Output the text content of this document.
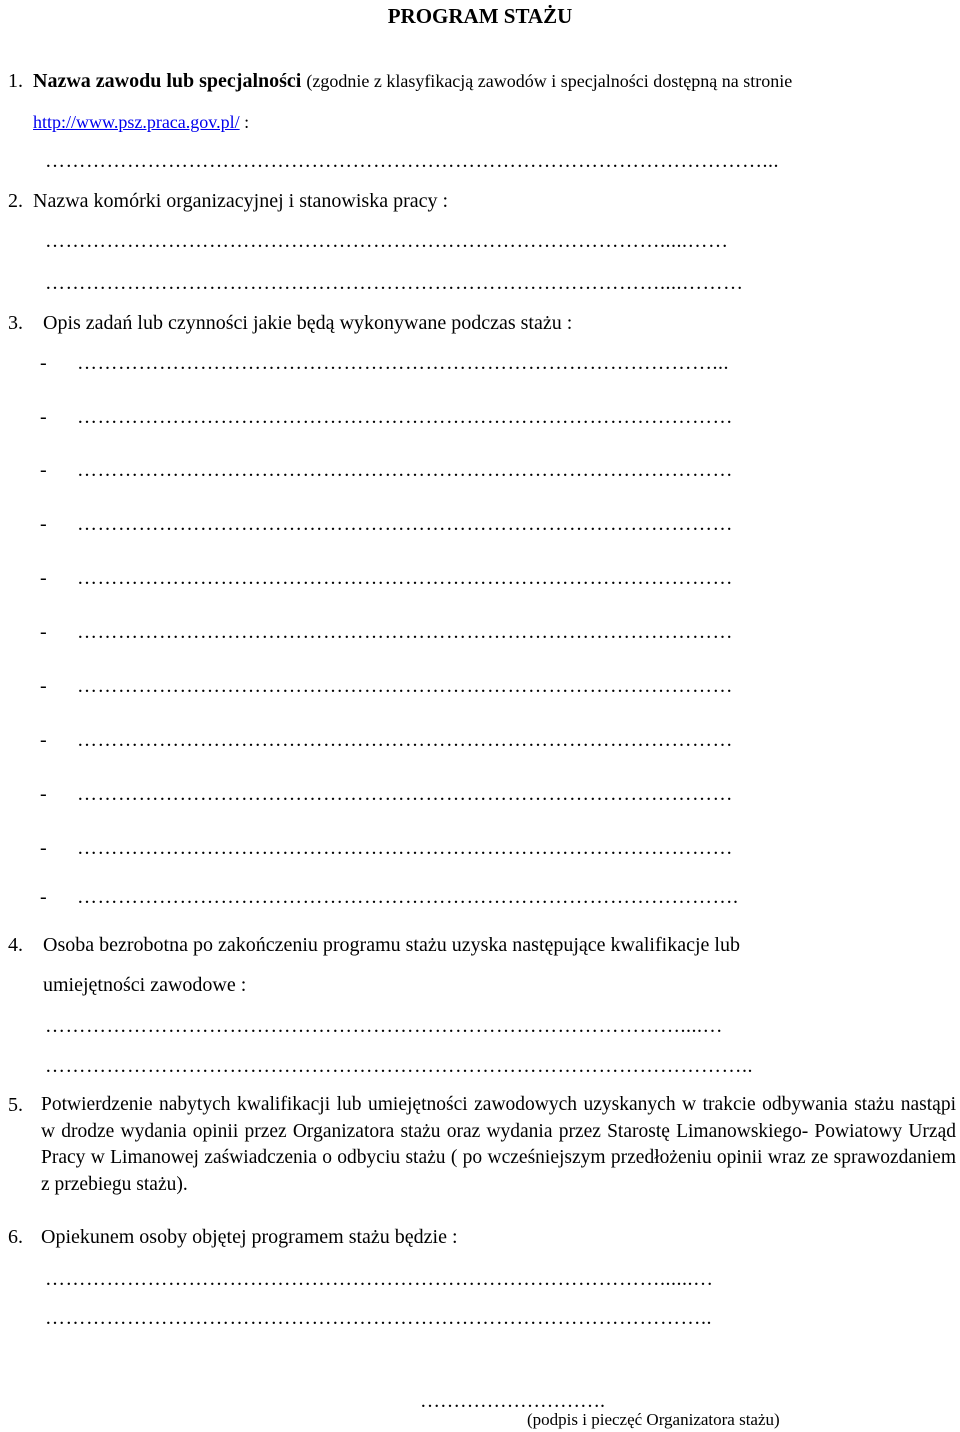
PROGRAM STAŻU
1. Nazwa zawodu lub specjalności (zgodnie z klasyfikacją zawodów i specjalności dostępną na stronie
http://www.psz.praca.gov.pl/ :
……………………………………………………………………………………………...
2. Nazwa komórki organizacyjnej i stanowiska pracy :
……………………………………………………………………………….....……
………………………………………………………………………………....………
3. Opis zadań lub czynności jakie będą wykonywane podczas stażu :
- …………………………………………………………………………………...
- ……………………………………………………………………………………
- ……………………………………………………………………………………
- ……………………………………………………………………………………
- ……………………………………………………………………………………
- ……………………………………………………………………………………
- ……………………………………………………………………………………
- ……………………………………………………………………………………
- ……………………………………………………………………………………
- ……………………………………………………………………………………
- …………………………………………………………………………………….
4. Osoba bezrobotna po zakończeniu programu stażu uzyska następujące kwalifikacje lub
umiejętności zawodowe :
…………………………………………………………………………………....…
…………………………………………………………………………………………..
5. Potwierdzenie nabytych kwalifikacji lub umiejętności zawodowych uzyskanych w trakcie odbywania stażu nastąpi w drodze wydania opinii przez Organizatora stażu oraz wydania przez Starostę Limanowskiego- Powiatowy Urząd Pracy w Limanowej zaświadczenia o odbyciu stażu ( po wcześniejszym przedłożeniu opinii wraz ze sprawozdaniem z przebiegu stażu).
6. Opiekunem osoby objętej programem stażu będzie :
………………………………………………………………………………......…
……………………………………………………………………………………..
……………………….
(podpis i pieczęć Organizatora stażu)
